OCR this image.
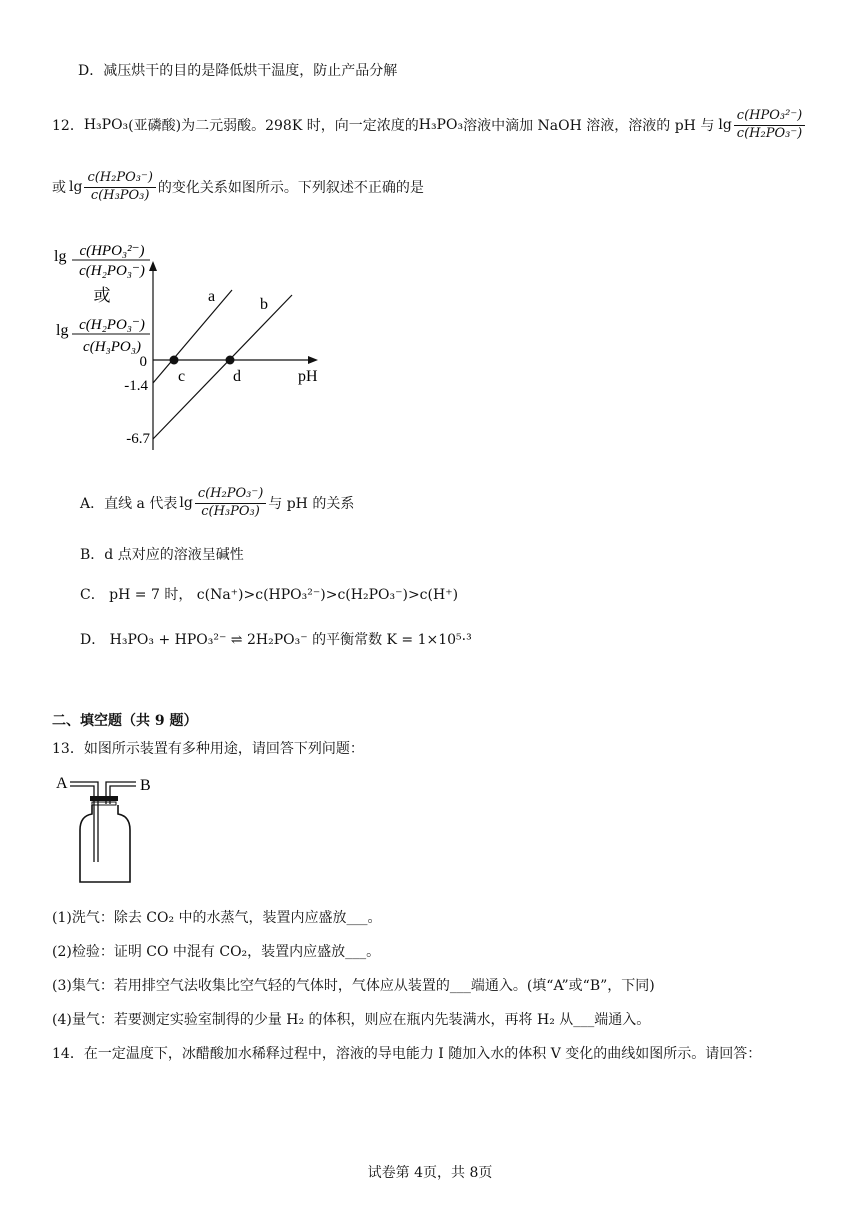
D．减压烘干的目的是降低烘干温度，防止产品分解
12． H₃PO₃ (亚磷酸)为二元弱酸。298K 时，向一定浓度的 H₃PO₃ 溶液中滴加 NaOH 溶液，溶液的 pH 与 $\lg \frac{\text{c(HPO₃²⁻)}}{\text{c(H₂PO₃⁻)}}$
或 $\lg \frac{\text{c(H₂PO₃⁻)}}{\text{c(H₃PO₃)}}$ 的变化关系如图所示。下列叙述不正确的是
lg c(HPO₃²⁻)
c(H₂PO₃⁻)
或
lg c(H₂PO₃⁻)
c(H₃PO₃)
0
-1.4
-6.7
pH
a	b
c	d
A．直线 a 代表 $\lg \frac{\text{c(H₂PO₃⁻)}}{\text{c(H₃PO₃)}}$ 与 pH 的关系
B．d 点对应的溶液呈碱性
C． pH = 7 时， c(Na⁺)>c(HPO₃²⁻)>c(H₂PO₃⁻)>c(H⁺)
D． H₃PO₃ + HPO₃²⁻ ⇌ 2H₂PO₃⁻ 的平衡常数 K = 1×10⁵·³
二、填空题（共 9 题）
13．如图所示装置有多种用途，请回答下列问题：
A	B
(1)洗气：除去 CO₂ 中的水蒸气，装置内应盛放___。
(2)检验：证明 CO 中混有 CO₂，装置内应盛放___。
(3)集气：若用排空气法收集比空气轻的气体时，气体应从装置的___端通入。(填“A”或“B”，下同)
(4)量气：若要测定实验室制得的少量 H₂ 的体积，则应在瓶内先装满水，再将 H₂ 从___端通入。
14．在一定温度下，冰醋酸加水稀释过程中，溶液的导电能力 I 随加入水的体积 V 变化的曲线如图所示。请回答：
试卷第 4页，共 8页
